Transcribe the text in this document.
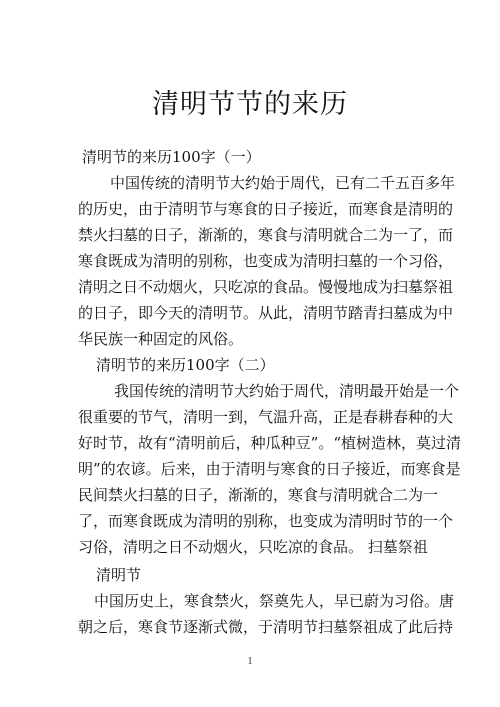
清明节节的来历
清明节的来历100字（一）
中国传统的清明节大约始于周代，已有二千五百多年
的历史，由于清明节与寒食的日子接近，而寒食是清明的
禁火扫墓的日子，渐渐的，寒食与清明就合二为一了，而
寒食既成为清明的别称，也变成为清明扫墓的一个习俗，
清明之日不动烟火，只吃凉的食品。慢慢地成为扫墓祭祖
的日子，即今天的清明节。从此，清明节踏青扫墓成为中
华民族一种固定的风俗。
清明节的来历100字（二）
我国传统的清明节大约始于周代，清明最开始是一个
很重要的节气，清明一到，气温升高，正是春耕春种的大
好时节，故有“清明前后，种瓜种豆”。“植树造林，莫过清
明”的农谚。后来，由于清明与寒食的日子接近，而寒食是
民间禁火扫墓的日子，渐渐的，寒食与清明就合二为一
了，而寒食既成为清明的别称，也变成为清明时节的一个
习俗，清明之日不动烟火，只吃凉的食品。 扫墓祭祖
清明节
中国历史上，寒食禁火，祭奠先人，早已蔚为习俗。唐
朝之后，寒食节逐渐式微，于清明节扫墓祭祖成了此后持
1
